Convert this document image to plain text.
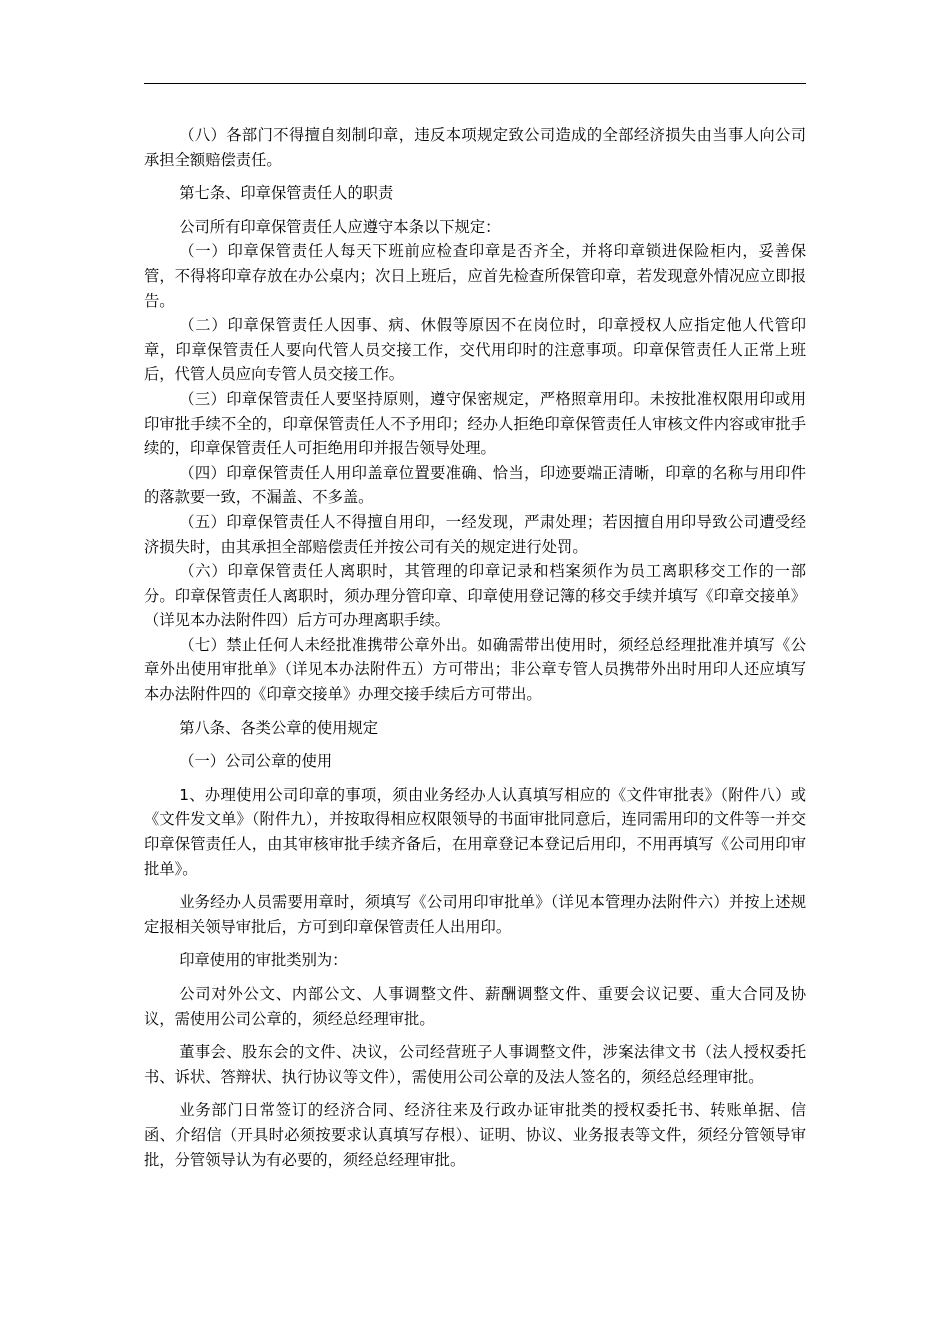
（八）各部门不得擅自刻制印章，违反本项规定致公司造成的全部经济损失由当事人向公司承担全额赔偿责任。

第七条、印章保管责任人的职责

公司所有印章保管责任人应遵守本条以下规定：

（一）印章保管责任人每天下班前应检查印章是否齐全，并将印章锁进保险柜内，妥善保管，不得将印章存放在办公桌内；次日上班后，应首先检查所保管印章，若发现意外情况应立即报告。

（二）印章保管责任人因事、病、休假等原因不在岗位时，印章授权人应指定他人代管印章，印章保管责任人要向代管人员交接工作，交代用印时的注意事项。印章保管责任人正常上班后，代管人员应向专管人员交接工作。

（三）印章保管责任人要坚持原则，遵守保密规定，严格照章用印。未按批准权限用印或用印审批手续不全的，印章保管责任人不予用印；经办人拒绝印章保管责任人审核文件内容或审批手续的，印章保管责任人可拒绝用印并报告领导处理。

（四）印章保管责任人用印盖章位置要准确、恰当，印迹要端正清晰，印章的名称与用印件的落款要一致，不漏盖、不多盖。

（五）印章保管责任人不得擅自用印，一经发现，严肃处理；若因擅自用印导致公司遭受经济损失时，由其承担全部赔偿责任并按公司有关的规定进行处罚。

（六）印章保管责任人离职时，其管理的印章记录和档案须作为员工离职移交工作的一部分。印章保管责任人离职时，须办理分管印章、印章使用登记簿的移交手续并填写《印章交接单》（详见本办法附件四）后方可办理离职手续。

（七）禁止任何人未经批准携带公章外出。如确需带出使用时，须经总经理批准并填写《公章外出使用审批单》（详见本办法附件五）方可带出；非公章专管人员携带外出时用印人还应填写本办法附件四的《印章交接单》办理交接手续后方可带出。

第八条、各类公章的使用规定

（一）公司公章的使用

1、办理使用公司印章的事项，须由业务经办人认真填写相应的《文件审批表》（附件八）或《文件发文单》（附件九），并按取得相应权限领导的书面审批同意后，连同需用印的文件等一并交印章保管责任人，由其审核审批手续齐备后，在用章登记本登记后用印，不用再填写《公司用印审批单》。

业务经办人员需要用章时，须填写《公司用印审批单》（详见本管理办法附件六）并按上述规定报相关领导审批后，方可到印章保管责任人出用印。

印章使用的审批类别为：

公司对外公文、内部公文、人事调整文件、薪酬调整文件、重要会议记要、重大合同及协议，需使用公司公章的，须经总经理审批。

董事会、股东会的文件、决议，公司经营班子人事调整文件，涉案法律文书（法人授权委托书、诉状、答辩状、执行协议等文件），需使用公司公章的及法人签名的，须经总经理审批。

业务部门日常签订的经济合同、经济往来及行政办证审批类的授权委托书、转账单据、信函、介绍信（开具时必须按要求认真填写存根）、证明、协议、业务报表等文件，须经分管领导审批，分管领导认为有必要的，须经总经理审批。
